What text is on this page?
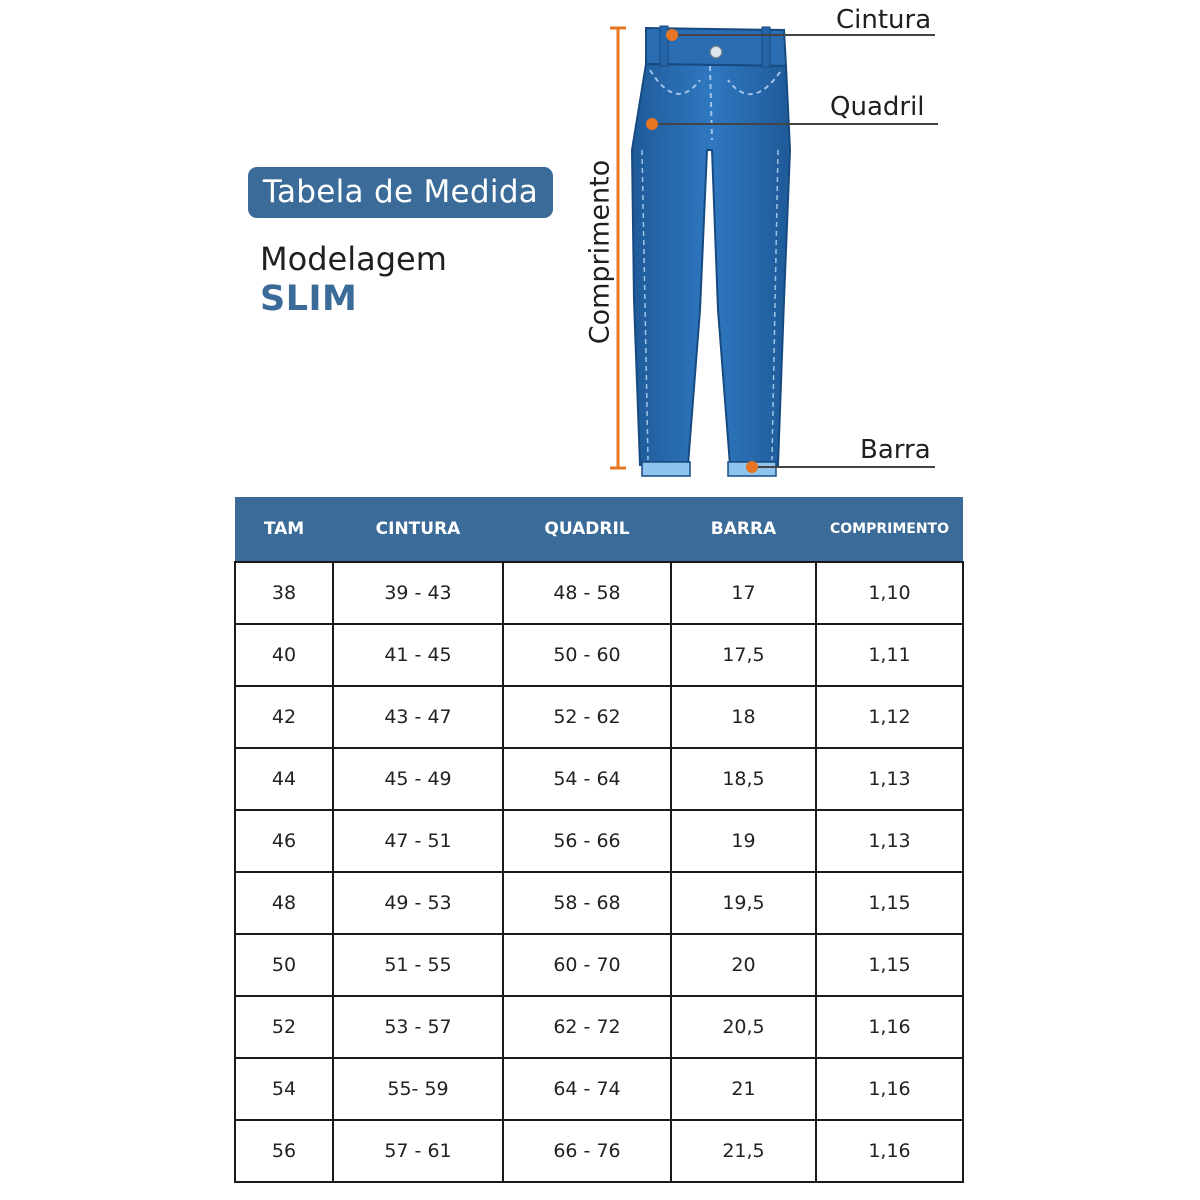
Tabela de Medida
Modelagem
SLIM
Cintura
Quadril
Barra
Comprimento
TAM	CINTURA	QUADRIL	BARRA	COMPRIMENTO
38	39 - 43	48 - 58	17	1,10
40	41 - 45	50 - 60	17,5	1,11
42	43 - 47	52 - 62	18	1,12
44	45 - 49	54 - 64	18,5	1,13
46	47 - 51	56 - 66	19	1,13
48	49 - 53	58 - 68	19,5	1,15
50	51 - 55	60 - 70	20	1,15
52	53 - 57	62 - 72	20,5	1,16
54	55- 59	64 - 74	21	1,16
56	57 - 61	66 - 76	21,5	1,16
